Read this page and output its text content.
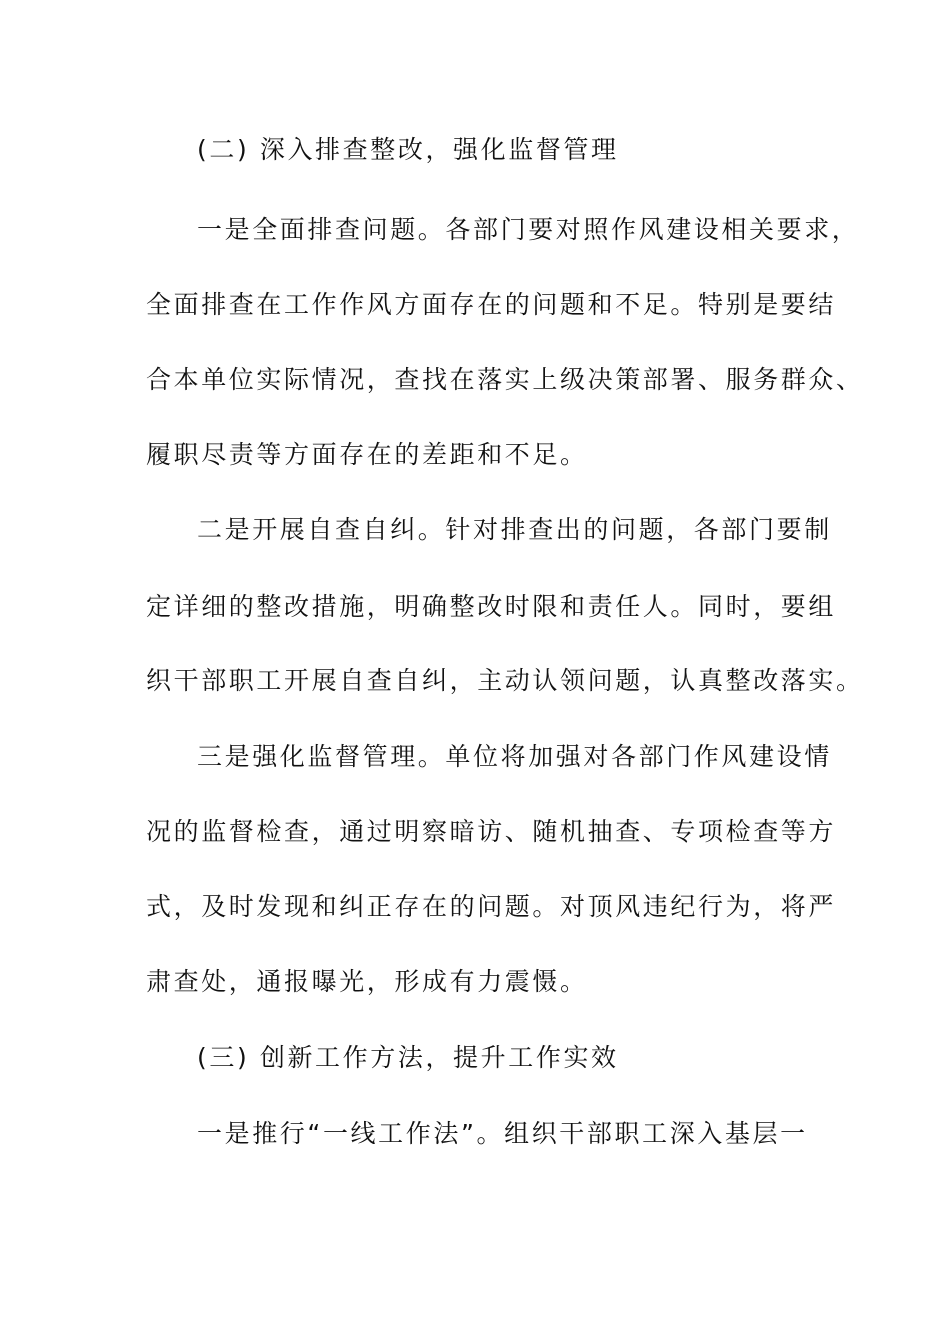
(二) 深入排查整改，强化监督管理
一是全面排查问题。各部门要对照作风建设相关要求，
全面排查在工作作风方面存在的问题和不足。特别是要结
合本单位实际情况，查找在落实上级决策部署、服务群众、
履职尽责等方面存在的差距和不足。
二是开展自查自纠。针对排查出的问题，各部门要制
定详细的整改措施，明确整改时限和责任人。同时，要组
织干部职工开展自查自纠，主动认领问题，认真整改落实。
三是强化监督管理。单位将加强对各部门作风建设情
况的监督检查，通过明察暗访、随机抽查、专项检查等方
式，及时发现和纠正存在的问题。对顶风违纪行为，将严
肃查处，通报曝光，形成有力震慑。
(三) 创新工作方法，提升工作实效
一是推行“一线工作法”。组织干部职工深入基层一
